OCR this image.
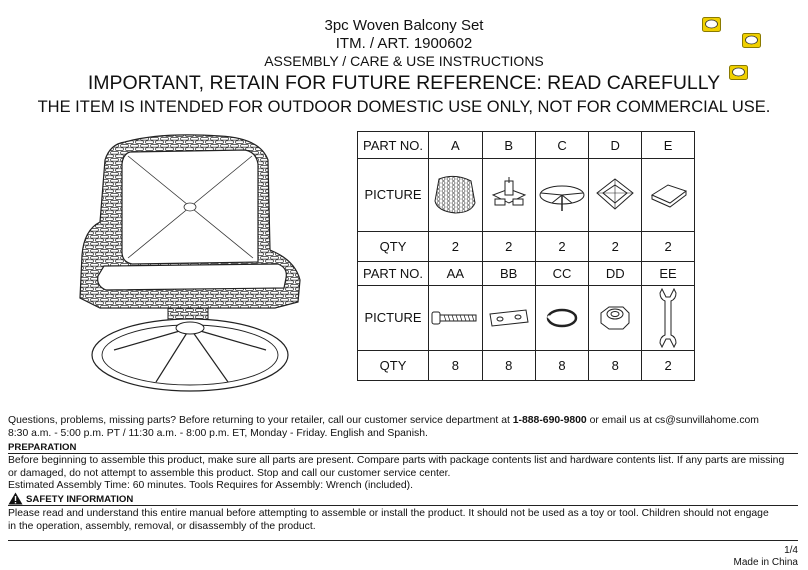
3pc Woven Balcony Set
ITM. / ART. 1900602
ASSEMBLY / CARE & USE INSTRUCTIONS
IMPORTANT, RETAIN FOR FUTURE REFERENCE: READ CAREFULLY
THE ITEM IS INTENDED FOR OUTDOOR DOMESTIC USE ONLY, NOT FOR COMMERCIAL USE.
PART NO.	A	B	C	D	E
PICTURE	

QTY	2	2	2	2	2
PART NO.	AA	BB	CC	DD	EE
PICTURE	

QTY	8	8	8	8	2
Questions, problems, missing parts? Before returning to your retailer, call our customer service department at 1-888-690-9800 or email us at cs@sunvillahome.com
8:30 a.m. - 5:00 p.m. PT / 11:30 a.m. - 8:00 p.m. ET, Monday - Friday. English and Spanish.
PREPARATION
Before beginning to assemble this product, make sure all parts are present. Compare parts with package contents list and hardware contents list. If any parts are missing
or damaged, do not attempt to assemble this product. Stop and call our customer service center.
Estimated Assembly Time: 60 minutes. Tools Requires for Assembly: Wrench (included).
SAFETY INFORMATION
Please read and understand this entire manual before attempting to assemble or install the product. It should not be used as a toy or tool. Children should not engage
in the operation, assembly, removal, or disassembly of the product.
1/4
Made in China
